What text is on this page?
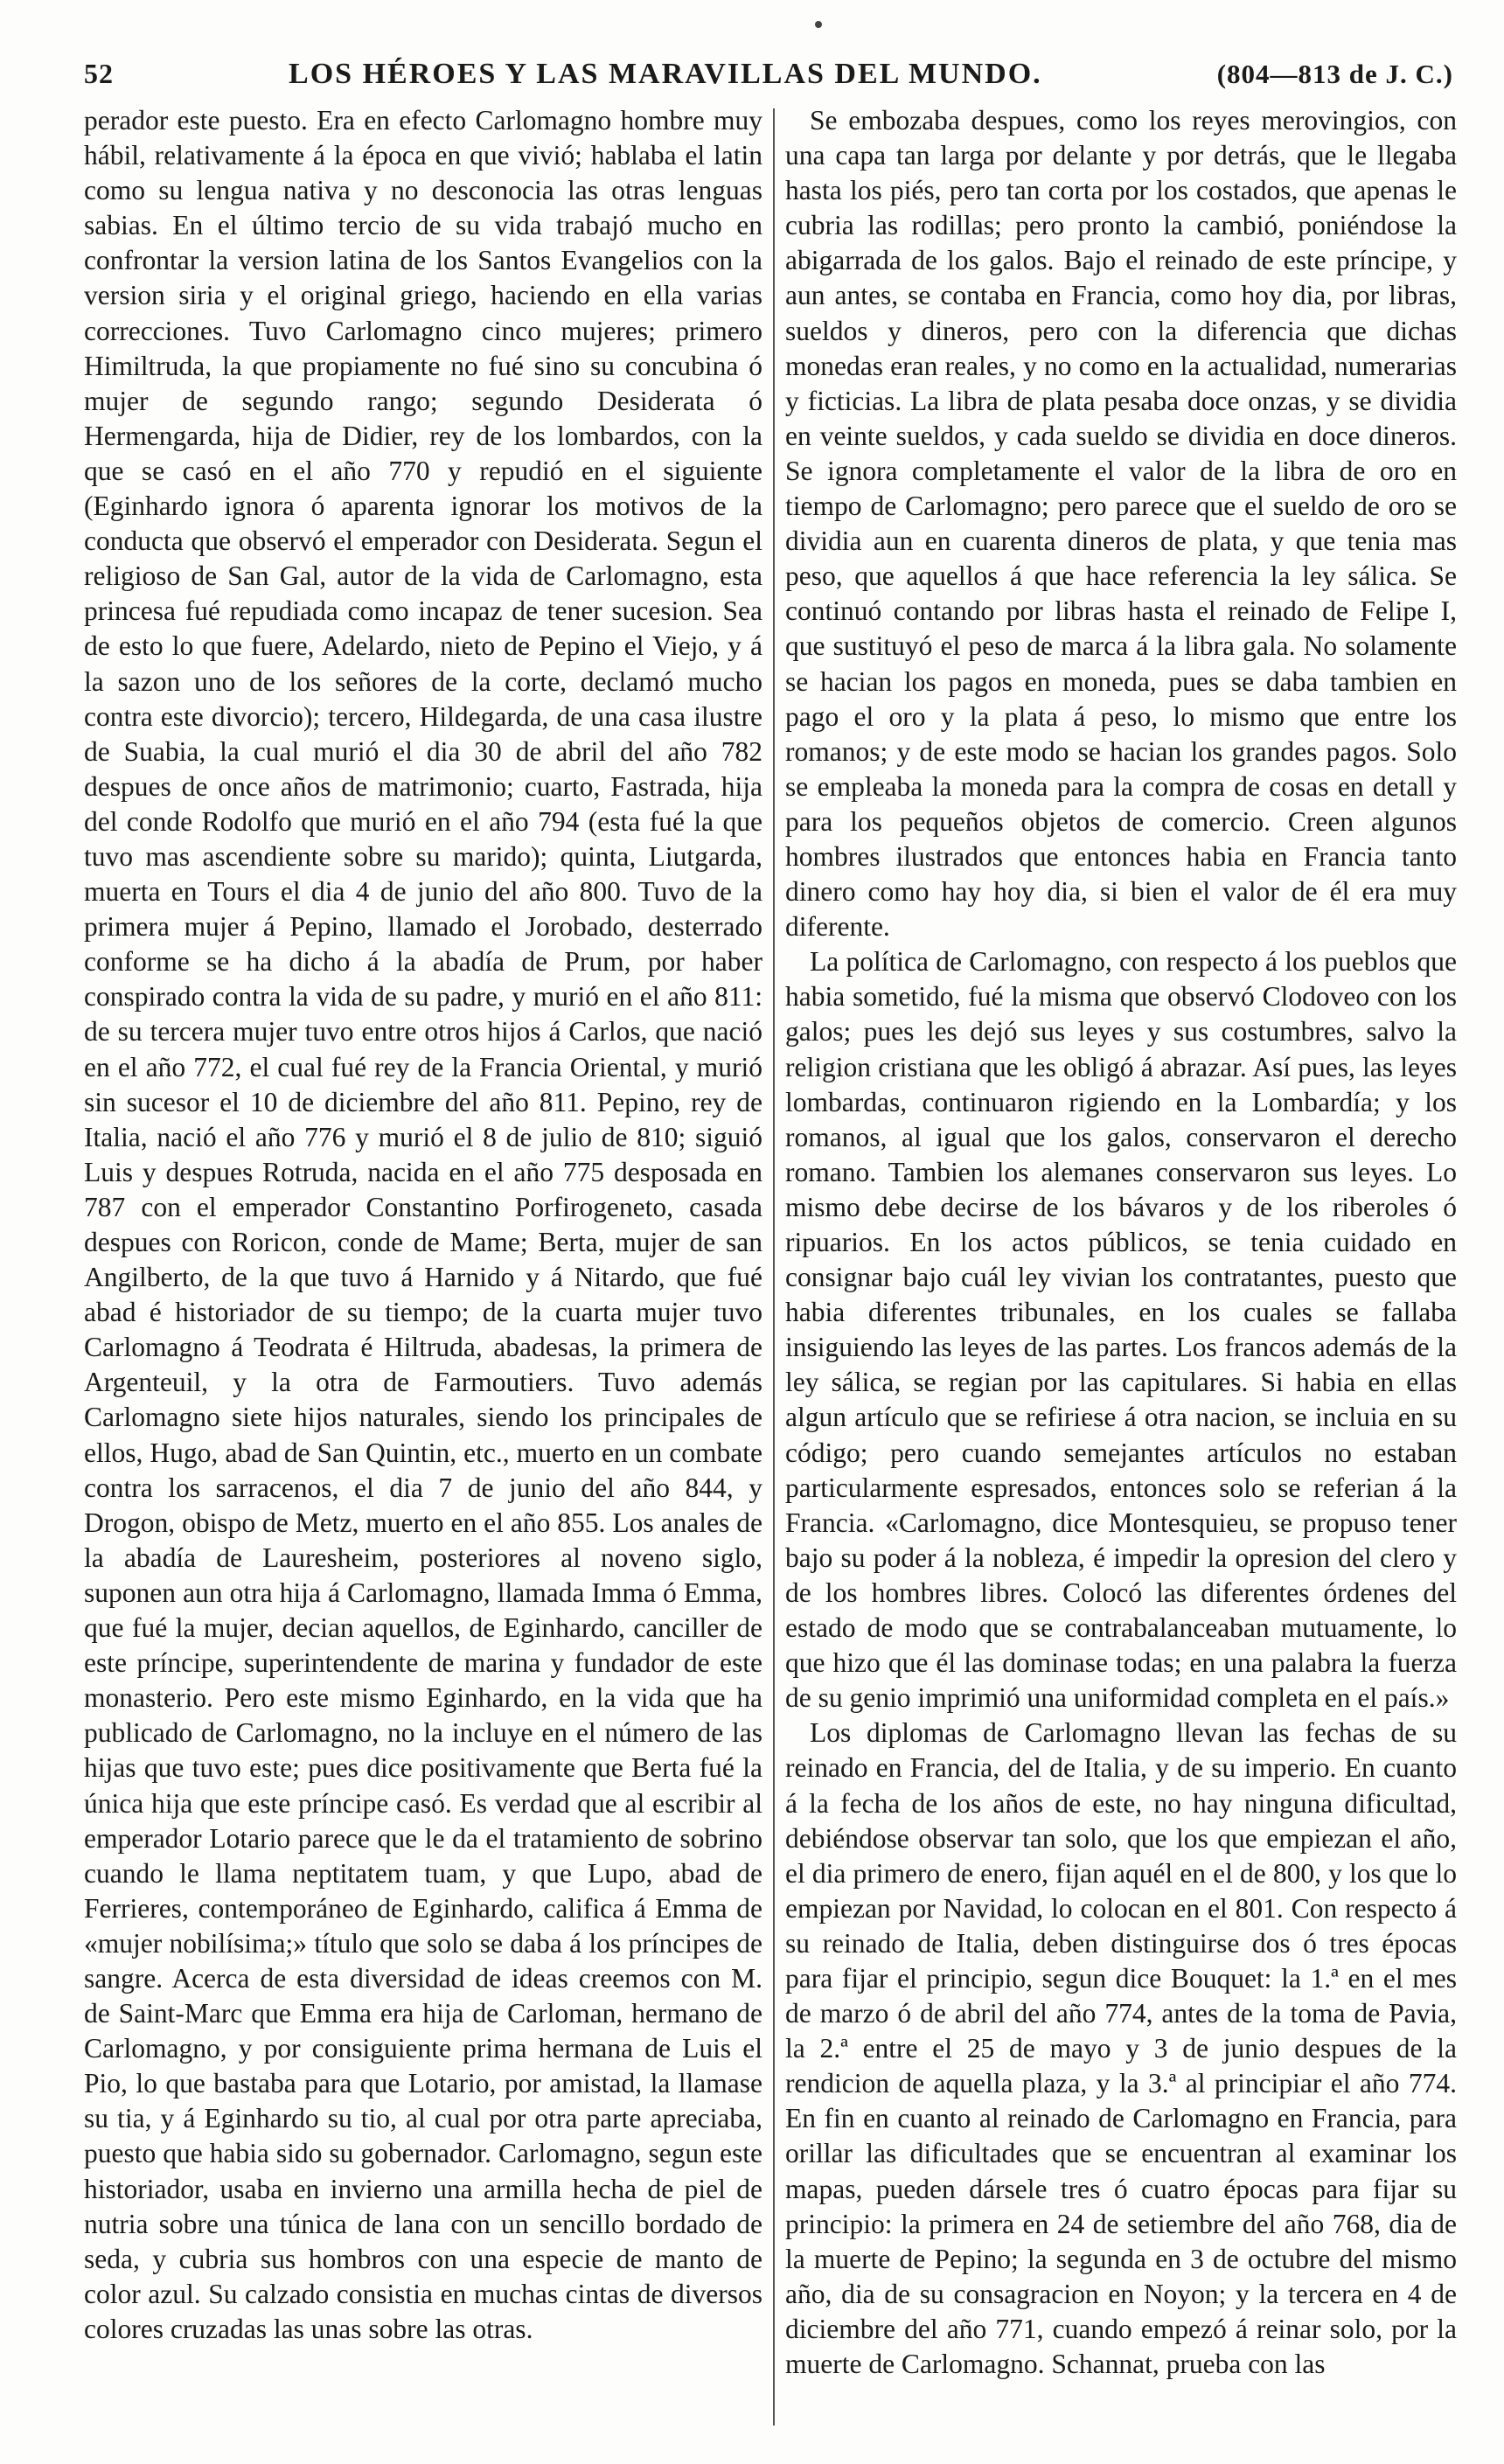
52	LOS HÉROES Y LAS MARAVILLAS DEL MUNDO.	(804—813 de J. C.)

perador este puesto. Era en efecto Carlomagno hombre muy hábil, relativamente á la época en que vivió; hablaba el latin como su lengua nativa y no desconocia las otras lenguas sabias. En el último tercio de su vida trabajó mucho en confrontar la version latina de los Santos Evangelios con la version siria y el original griego, haciendo en ella varias correcciones. Tuvo Carlomagno cinco mujeres; primero Himiltruda, la que propiamente no fué sino su concubina ó mujer de segundo rango; segundo Desiderata ó Hermengarda, hija de Didier, rey de los lombardos, con la que se casó en el año 770 y repudió en el siguiente (Eginhardo ignora ó aparenta ignorar los motivos de la conducta que observó el emperador con Desiderata. Segun el religioso de San Gal, autor de la vida de Carlomagno, esta princesa fué repudiada como incapaz de tener sucesion. Sea de esto lo que fuere, Adelardo, nieto de Pepino el Viejo, y á la sazon uno de los señores de la corte, declamó mucho contra este divorcio); tercero, Hildegarda, de una casa ilustre de Suabia, la cual murió el dia 30 de abril del año 782 despues de once años de matrimonio; cuarto, Fastrada, hija del conde Rodolfo que murió en el año 794 (esta fué la que tuvo mas ascendiente sobre su marido); quinta, Liutgarda, muerta en Tours el dia 4 de junio del año 800. Tuvo de la primera mujer á Pepino, llamado el Jorobado, desterrado conforme se ha dicho á la abadía de Prum, por haber conspirado contra la vida de su padre, y murió en el año 811: de su tercera mujer tuvo entre otros hijos á Carlos, que nació en el año 772, el cual fué rey de la Francia Oriental, y murió sin sucesor el 10 de diciembre del año 811. Pepino, rey de Italia, nació el año 776 y murió el 8 de julio de 810; siguió Luis y despues Rotruda, nacida en el año 775 desposada en 787 con el emperador Constantino Porfirogeneto, casada despues con Roricon, conde de Mame; Berta, mujer de san Angilberto, de la que tuvo á Harnido y á Nitardo, que fué abad é historiador de su tiempo; de la cuarta mujer tuvo Carlomagno á Teodrata é Hiltruda, abadesas, la primera de Argenteuil, y la otra de Farmoutiers. Tuvo además Carlomagno siete hijos naturales, siendo los principales de ellos, Hugo, abad de San Quintin, etc., muerto en un combate contra los sarracenos, el dia 7 de junio del año 844, y Drogon, obispo de Metz, muerto en el año 855. Los anales de la abadía de Lauresheim, posteriores al noveno siglo, suponen aun otra hija á Carlomagno, llamada Imma ó Emma, que fué la mujer, decian aquellos, de Eginhardo, canciller de este príncipe, superintendente de marina y fundador de este monasterio. Pero este mismo Eginhardo, en la vida que ha publicado de Carlomagno, no la incluye en el número de las hijas que tuvo este; pues dice positivamente que Berta fué la única hija que este príncipe casó. Es verdad que al escribir al emperador Lotario parece que le da el tratamiento de sobrino cuando le llama neptitatem tuam, y que Lupo, abad de Ferrieres, contemporáneo de Eginhardo, califica á Emma de «mujer nobilísima;» título que solo se daba á los príncipes de sangre. Acerca de esta diversidad de ideas creemos con M. de Saint-Marc que Emma era hija de Carloman, hermano de Carlomagno, y por consiguiente prima hermana de Luis el Pio, lo que bastaba para que Lotario, por amistad, la llamase su tia, y á Eginhardo su tio, al cual por otra parte apreciaba, puesto que habia sido su gobernador. Carlomagno, segun este historiador, usaba en invierno una armilla hecha de piel de nutria sobre una túnica de lana con un sencillo bordado de seda, y cubria sus hombros con una especie de manto de color azul. Su calzado consistia en muchas cintas de diversos colores cruzadas las unas sobre las otras.

Se embozaba despues, como los reyes merovingios, con una capa tan larga por delante y por detrás, que le llegaba hasta los piés, pero tan corta por los costados, que apenas le cubria las rodillas; pero pronto la cambió, poniéndose la abigarrada de los galos. Bajo el reinado de este príncipe, y aun antes, se contaba en Francia, como hoy dia, por libras, sueldos y dineros, pero con la diferencia que dichas monedas eran reales, y no como en la actualidad, numerarias y ficticias. La libra de plata pesaba doce onzas, y se dividia en veinte sueldos, y cada sueldo se dividia en doce dineros. Se ignora completamente el valor de la libra de oro en tiempo de Carlomagno; pero parece que el sueldo de oro se dividia aun en cuarenta dineros de plata, y que tenia mas peso, que aquellos á que hace referencia la ley sálica. Se continuó contando por libras hasta el reinado de Felipe I, que sustituyó el peso de marca á la libra gala. No solamente se hacian los pagos en moneda, pues se daba tambien en pago el oro y la plata á peso, lo mismo que entre los romanos; y de este modo se hacian los grandes pagos. Solo se empleaba la moneda para la compra de cosas en detall y para los pequeños objetos de comercio. Creen algunos hombres ilustrados que entonces habia en Francia tanto dinero como hay hoy dia, si bien el valor de él era muy diferente.

La política de Carlomagno, con respecto á los pueblos que habia sometido, fué la misma que observó Clodoveo con los galos; pues les dejó sus leyes y sus costumbres, salvo la religion cristiana que les obligó á abrazar. Así pues, las leyes lombardas, continuaron rigiendo en la Lombardía; y los romanos, al igual que los galos, conservaron el derecho romano. Tambien los alemanes conservaron sus leyes. Lo mismo debe decirse de los bávaros y de los riberoles ó ripuarios. En los actos públicos, se tenia cuidado en consignar bajo cuál ley vivian los contratantes, puesto que habia diferentes tribunales, en los cuales se fallaba insiguiendo las leyes de las partes. Los francos además de la ley sálica, se regian por las capitulares. Si habia en ellas algun artículo que se refiriese á otra nacion, se incluia en su código; pero cuando semejantes artículos no estaban particularmente espresados, entonces solo se referian á la Francia. «Carlomagno, dice Montesquieu, se propuso tener bajo su poder á la nobleza, é impedir la opresion del clero y de los hombres libres. Colocó las diferentes órdenes del estado de modo que se contrabalanceaban mutuamente, lo que hizo que él las dominase todas; en una palabra la fuerza de su genio imprimió una uniformidad completa en el país.»

Los diplomas de Carlomagno llevan las fechas de su reinado en Francia, del de Italia, y de su imperio. En cuanto á la fecha de los años de este, no hay ninguna dificultad, debiéndose observar tan solo, que los que empiezan el año, el dia primero de enero, fijan aquél en el de 800, y los que lo empiezan por Navidad, lo colocan en el 801. Con respecto á su reinado de Italia, deben distinguirse dos ó tres épocas para fijar el principio, segun dice Bouquet: la 1.ª en el mes de marzo ó de abril del año 774, antes de la toma de Pavia, la 2.ª entre el 25 de mayo y 3 de junio despues de la rendicion de aquella plaza, y la 3.ª al principiar el año 774. En fin en cuanto al reinado de Carlomagno en Francia, para orillar las dificultades que se encuentran al examinar los mapas, pueden dársele tres ó cuatro épocas para fijar su principio: la primera en 24 de setiembre del año 768, dia de la muerte de Pepino; la segunda en 3 de octubre del mismo año, dia de su consagracion en Noyon; y la tercera en 4 de diciembre del año 771, cuando empezó á reinar solo, por la muerte de Carlomagno. Schannat, prueba con las
